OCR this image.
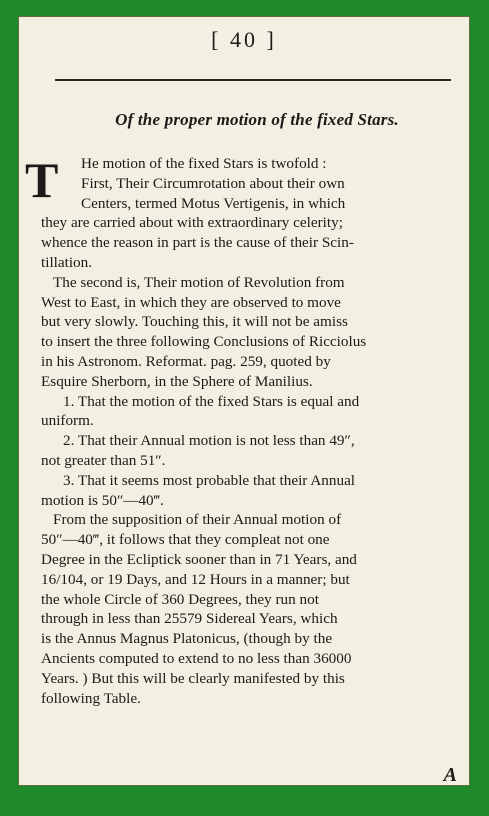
[ 40 ]
Of the proper motion of the fixed Stars.
T	He motion of the fixed Stars is twofold :
First, Their Circumrotation about their own
Centers, termed Motus Vertigenis, in which
they are carried about with extraordinary celerity;
whence the reason in part is the cause of their Scin-
tillation.
The second is, Their motion of Revolution from
West to East, in which they are observed to move
but very slowly. Touching this, it will not be amiss
to insert the three following Conclusions of Ricciolus
in his Astronom. Reformat. pag. 259, quoted by
Esquire Sherborn, in the Sphere of Manilius.
1. That the motion of the fixed Stars is equal and
uniform.
2. That their Annual motion is not less than 49″,
not greater than 51″.
3. That it seems most probable that their Annual
motion is 50″—40‴.
From the supposition of their Annual motion of
50″—40‴, it follows that they compleat not one
Degree in the Eclіptick sooner than in 71 Years, and
16/104, or 19 Days, and 12 Hours in a manner; but
the whole Circle of 360 Degrees, they run not
through in less than 25579 Sidereal Years, which
is the Annus Magnus Platonicus, (though by the
Ancients computed to extend to no less than 36000
Years. ) But this will be clearly manifested by this
following Table.
A
